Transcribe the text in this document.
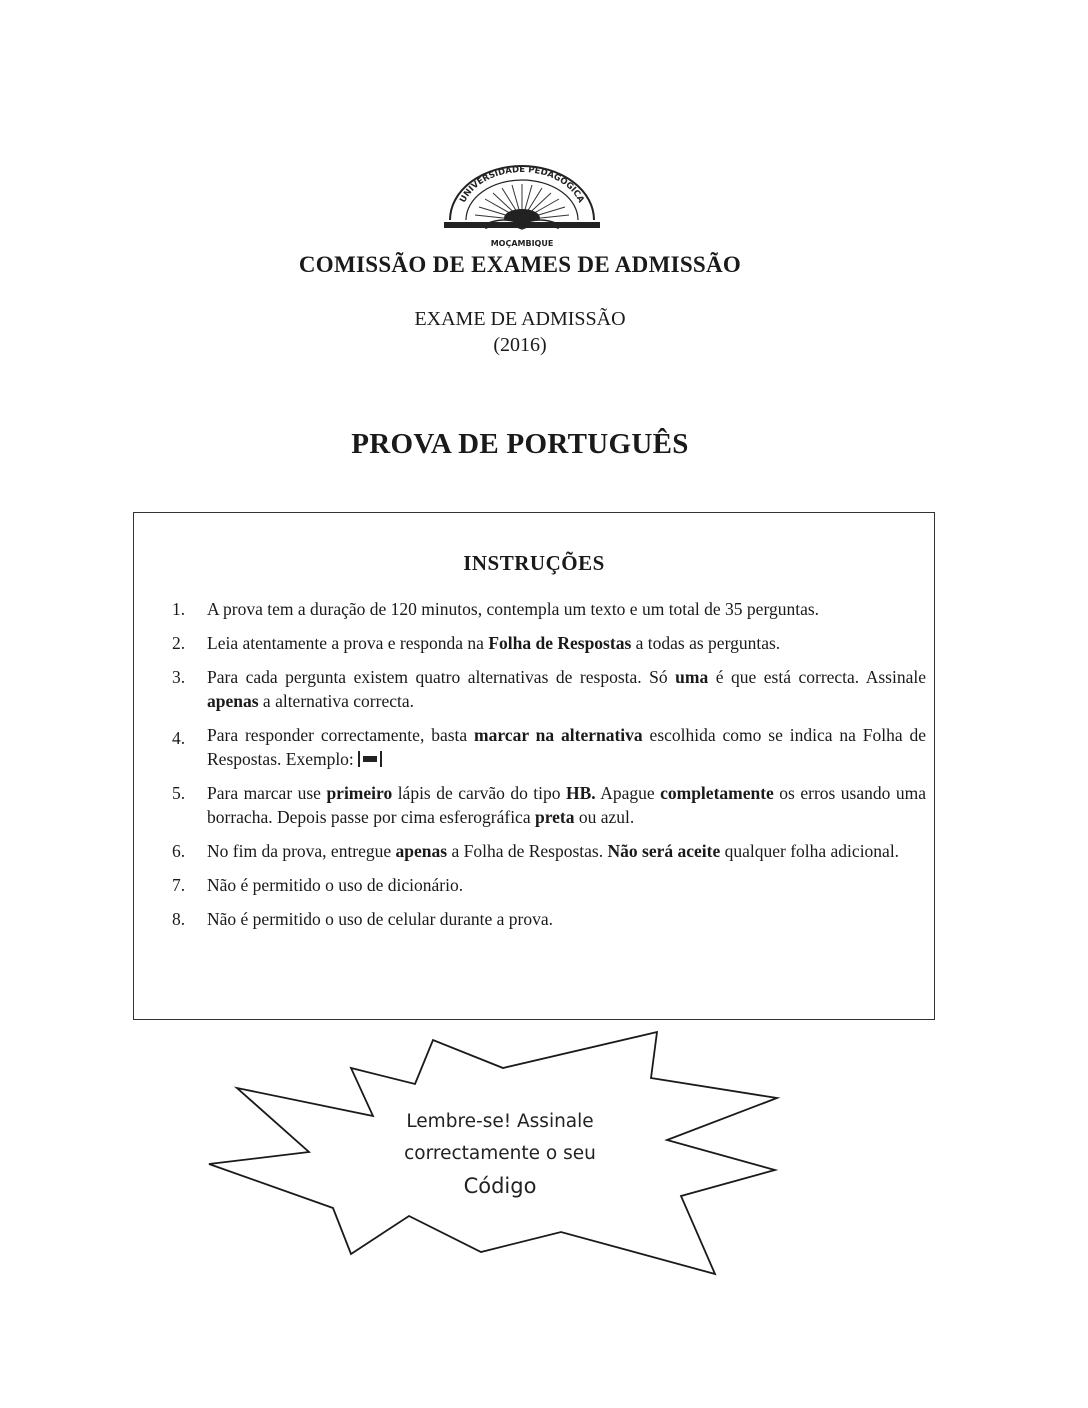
UNIVERSIDADE PEDAGÓGICA
MOÇAMBIQUE
COMISSÃO DE EXAMES DE ADMISSÃO
EXAME DE ADMISSÃO
(2016)
PROVA DE PORTUGUÊS
INSTRUÇÕES
1.	A prova tem a duração de 120 minutos, contempla um texto e um total de 35 perguntas.
2.	Leia atentamente a prova e responda na Folha de Respostas a todas as perguntas.
3.	Para cada pergunta existem quatro alternativas de resposta. Só uma é que está correcta. Assinale apenas a alternativa correcta.
4.	Para responder correctamente, basta marcar na alternativa escolhida como se indica na Folha de Respostas. Exemplo:
5.	Para marcar use primeiro lápis de carvão do tipo HB. Apague completamente os erros usando uma borracha. Depois passe por cima esferográfica preta ou azul.
6.	No fim da prova, entregue apenas a Folha de Respostas. Não será aceite qualquer folha adicional.
7.	Não é permitido o uso de dicionário.
8.	Não é permitido o uso de celular durante a prova.
Lembre-se! Assinale
correctamente o seu

Código
